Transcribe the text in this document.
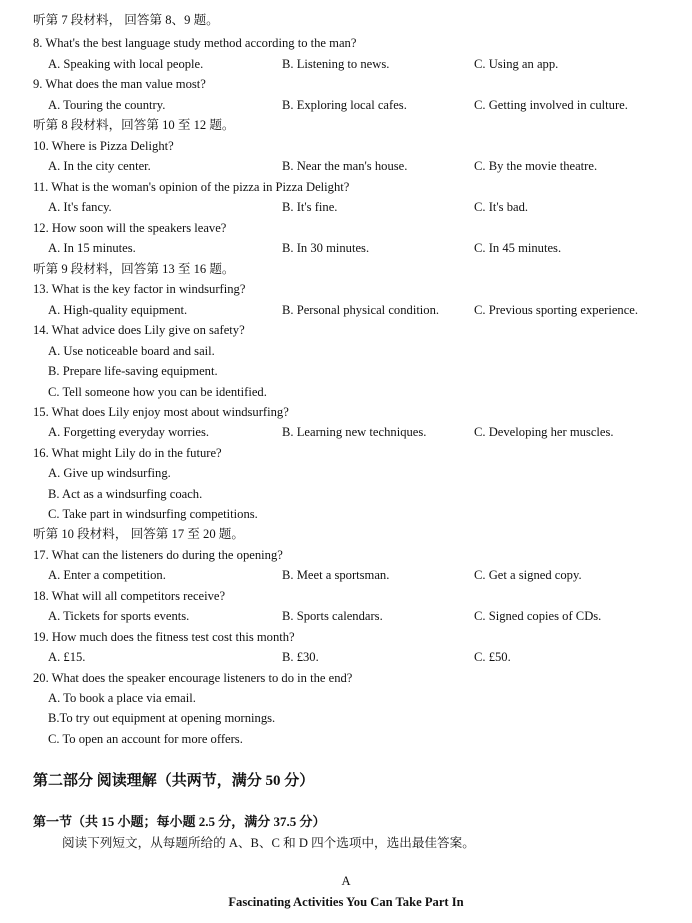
听第 7 段材料， 回答第 8、9 题。
8. What's the best language study method according to the man?
A. Speaking with local people.	B. Listening to news.	C. Using an app.
9. What does the man value most?
A. Touring the country.	B. Exploring local cafes.	C. Getting involved in culture.
听第 8 段材料，回答第 10 至 12 题。
10. Where is Pizza Delight?
A. In the city center.	B. Near the man's house.	C. By the movie theatre.
11. What is the woman's opinion of the pizza in Pizza Delight?
A. It's fancy.	B. It's fine.	C. It's bad.
12. How soon will the speakers leave?
A. In 15 minutes.	B. In 30 minutes.	C. In 45 minutes.
听第 9 段材料，回答第 13 至 16 题。
13. What is the key factor in windsurfing?
A. High-quality equipment.	B. Personal physical condition.	C. Previous sporting experience.
14. What advice does Lily give on safety?
A. Use noticeable board and sail.
B. Prepare life-saving equipment.
C. Tell someone how you can be identified.
15. What does Lily enjoy most about windsurfing?
A. Forgetting everyday worries.	B. Learning new techniques.	C. Developing her muscles.
16. What might Lily do in the future?
A. Give up windsurfing.
B. Act as a windsurfing coach.
C. Take part in windsurfing competitions.
听第 10 段材料， 回答第 17 至 20 题。
17. What can the listeners do during the opening?
A. Enter a competition.	B. Meet a sportsman.	C. Get a signed copy.
18. What will all competitors receive?
A. Tickets for sports events.	B. Sports calendars.	C. Signed copies of CDs.
19. How much does the fitness test cost this month?
A. £15.	B. £30.	C. £50.
20. What does the speaker encourage listeners to do in the end?
A. To book a place via email.
B.To try out equipment at opening mornings.
C. To open an account for more offers.
第二部分 阅读理解（共两节，满分 50 分）
第一节（共 15 小题；每小题 2.5 分，满分 37.5 分）
阅读下列短文，从每题所给的 A、B、C 和 D 四个选项中，选出最佳答案。
A
Fascinating Activities You Can Take Part In
